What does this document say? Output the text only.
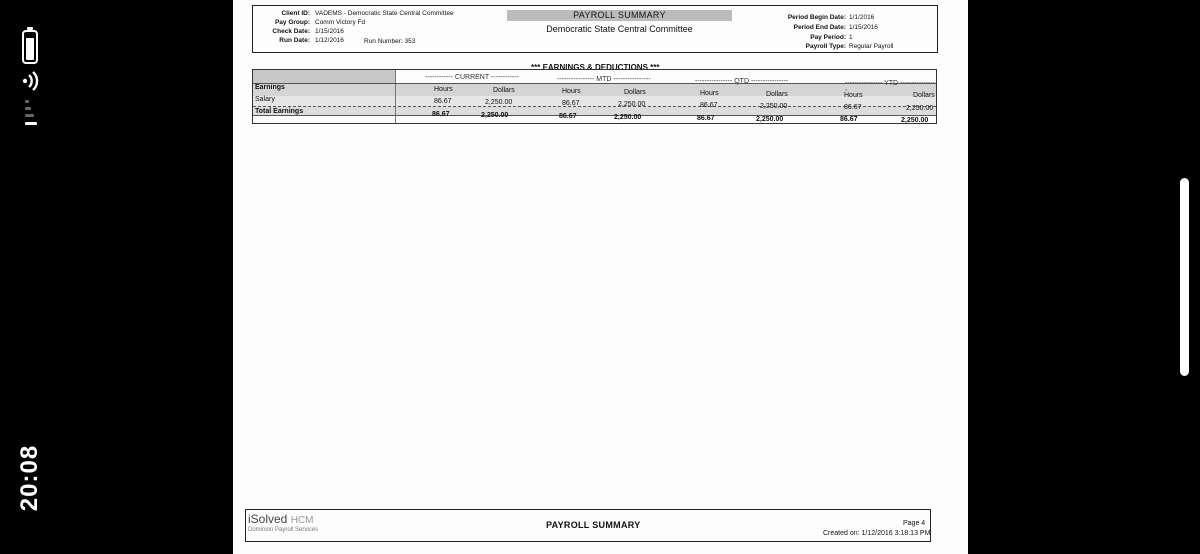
20:08
Client ID: VADEMS - Democratic State Central Committee
Pay Group: Comm Victory Fd
Check Date: 1/15/2016
Run Date: 1/12/2016	Run Number: 353
PAYROLL SUMMARY
Democratic State Central Committee
Period Begin Date: 1/1/2016
Period End Date: 1/15/2016
Pay Period: 1
Payroll Type: Regular Payroll
*** EARNINGS & DEDUCTIONS ***
------------ CURRENT ------------	---------------- MTD ----------------	---------------- QTD ----------------	---------------- YTD ----------------
Earnings	Hours	Dollars	Hours	Dollars	Hours	Dollars	Hours	Dollars
Salary	86.67	2,250.00	86.67	2,250.00	86.67	2,250.00	86.67	2,250.00
Total Earnings	86.67	2,250.00	86.67	2,250.00	86.67	2,250.00	86.67	2,250.00
iSolved HCM
Dominion Payroll Services	PAYROLL SUMMARY	Page 4
Created on: 1/12/2016 3:18:13 PM
